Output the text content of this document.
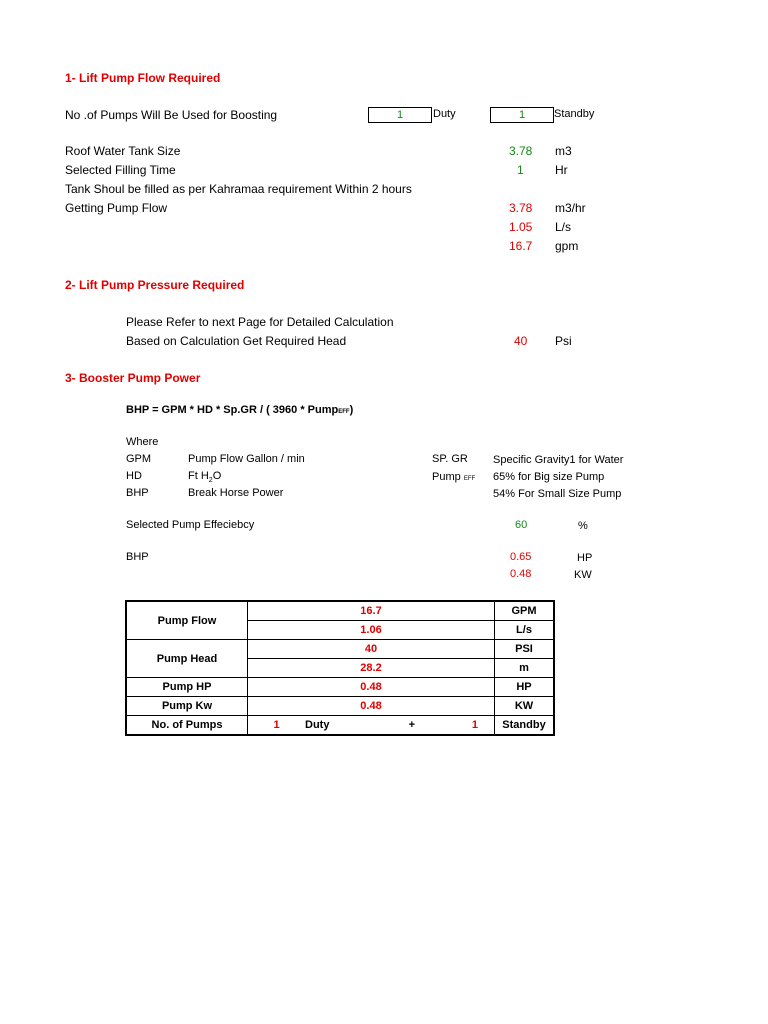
1- Lift Pump Flow Required
No .of Pumps Will Be Used for Boosting	1	Duty	1	Standby
Roof Water Tank Size	3.78 m3
Selected Filling Time	1	Hr
Tank Shoul be filled as per Kahramaa requirement Within 2 hours
Getting Pump Flow	3.78 m3/hr
1.05 L/s
16.7 gpm
2- Lift Pump Pressure Required
Please Refer to next Page for Detailed Calculation
Based on Calculation Get Required Head	40 Psi
3- Booster Pump Power
BHP = GPM * HD * Sp.GR / ( 3960 * PumpEFF)
Where
GPM	Pump Flow Gallon / min
HD	Ft $H_2O$
BHP	Break Horse Power
SP. GR Specific Gravity1 for Water
Pump EFF 65% for Big size Pump
54% For Small Size Pump
Selected Pump Effeciebcy	60	%
BHP	0.65	HP
0.48	KW
Pump Flow	16.7	GPM
	1.06	L/s
Pump Head	40	PSI
	28.2	m
Pump HP	0.48	HP
Pump Kw	0.48	KW
No. of Pumps	1 Duty + 1	Standby
